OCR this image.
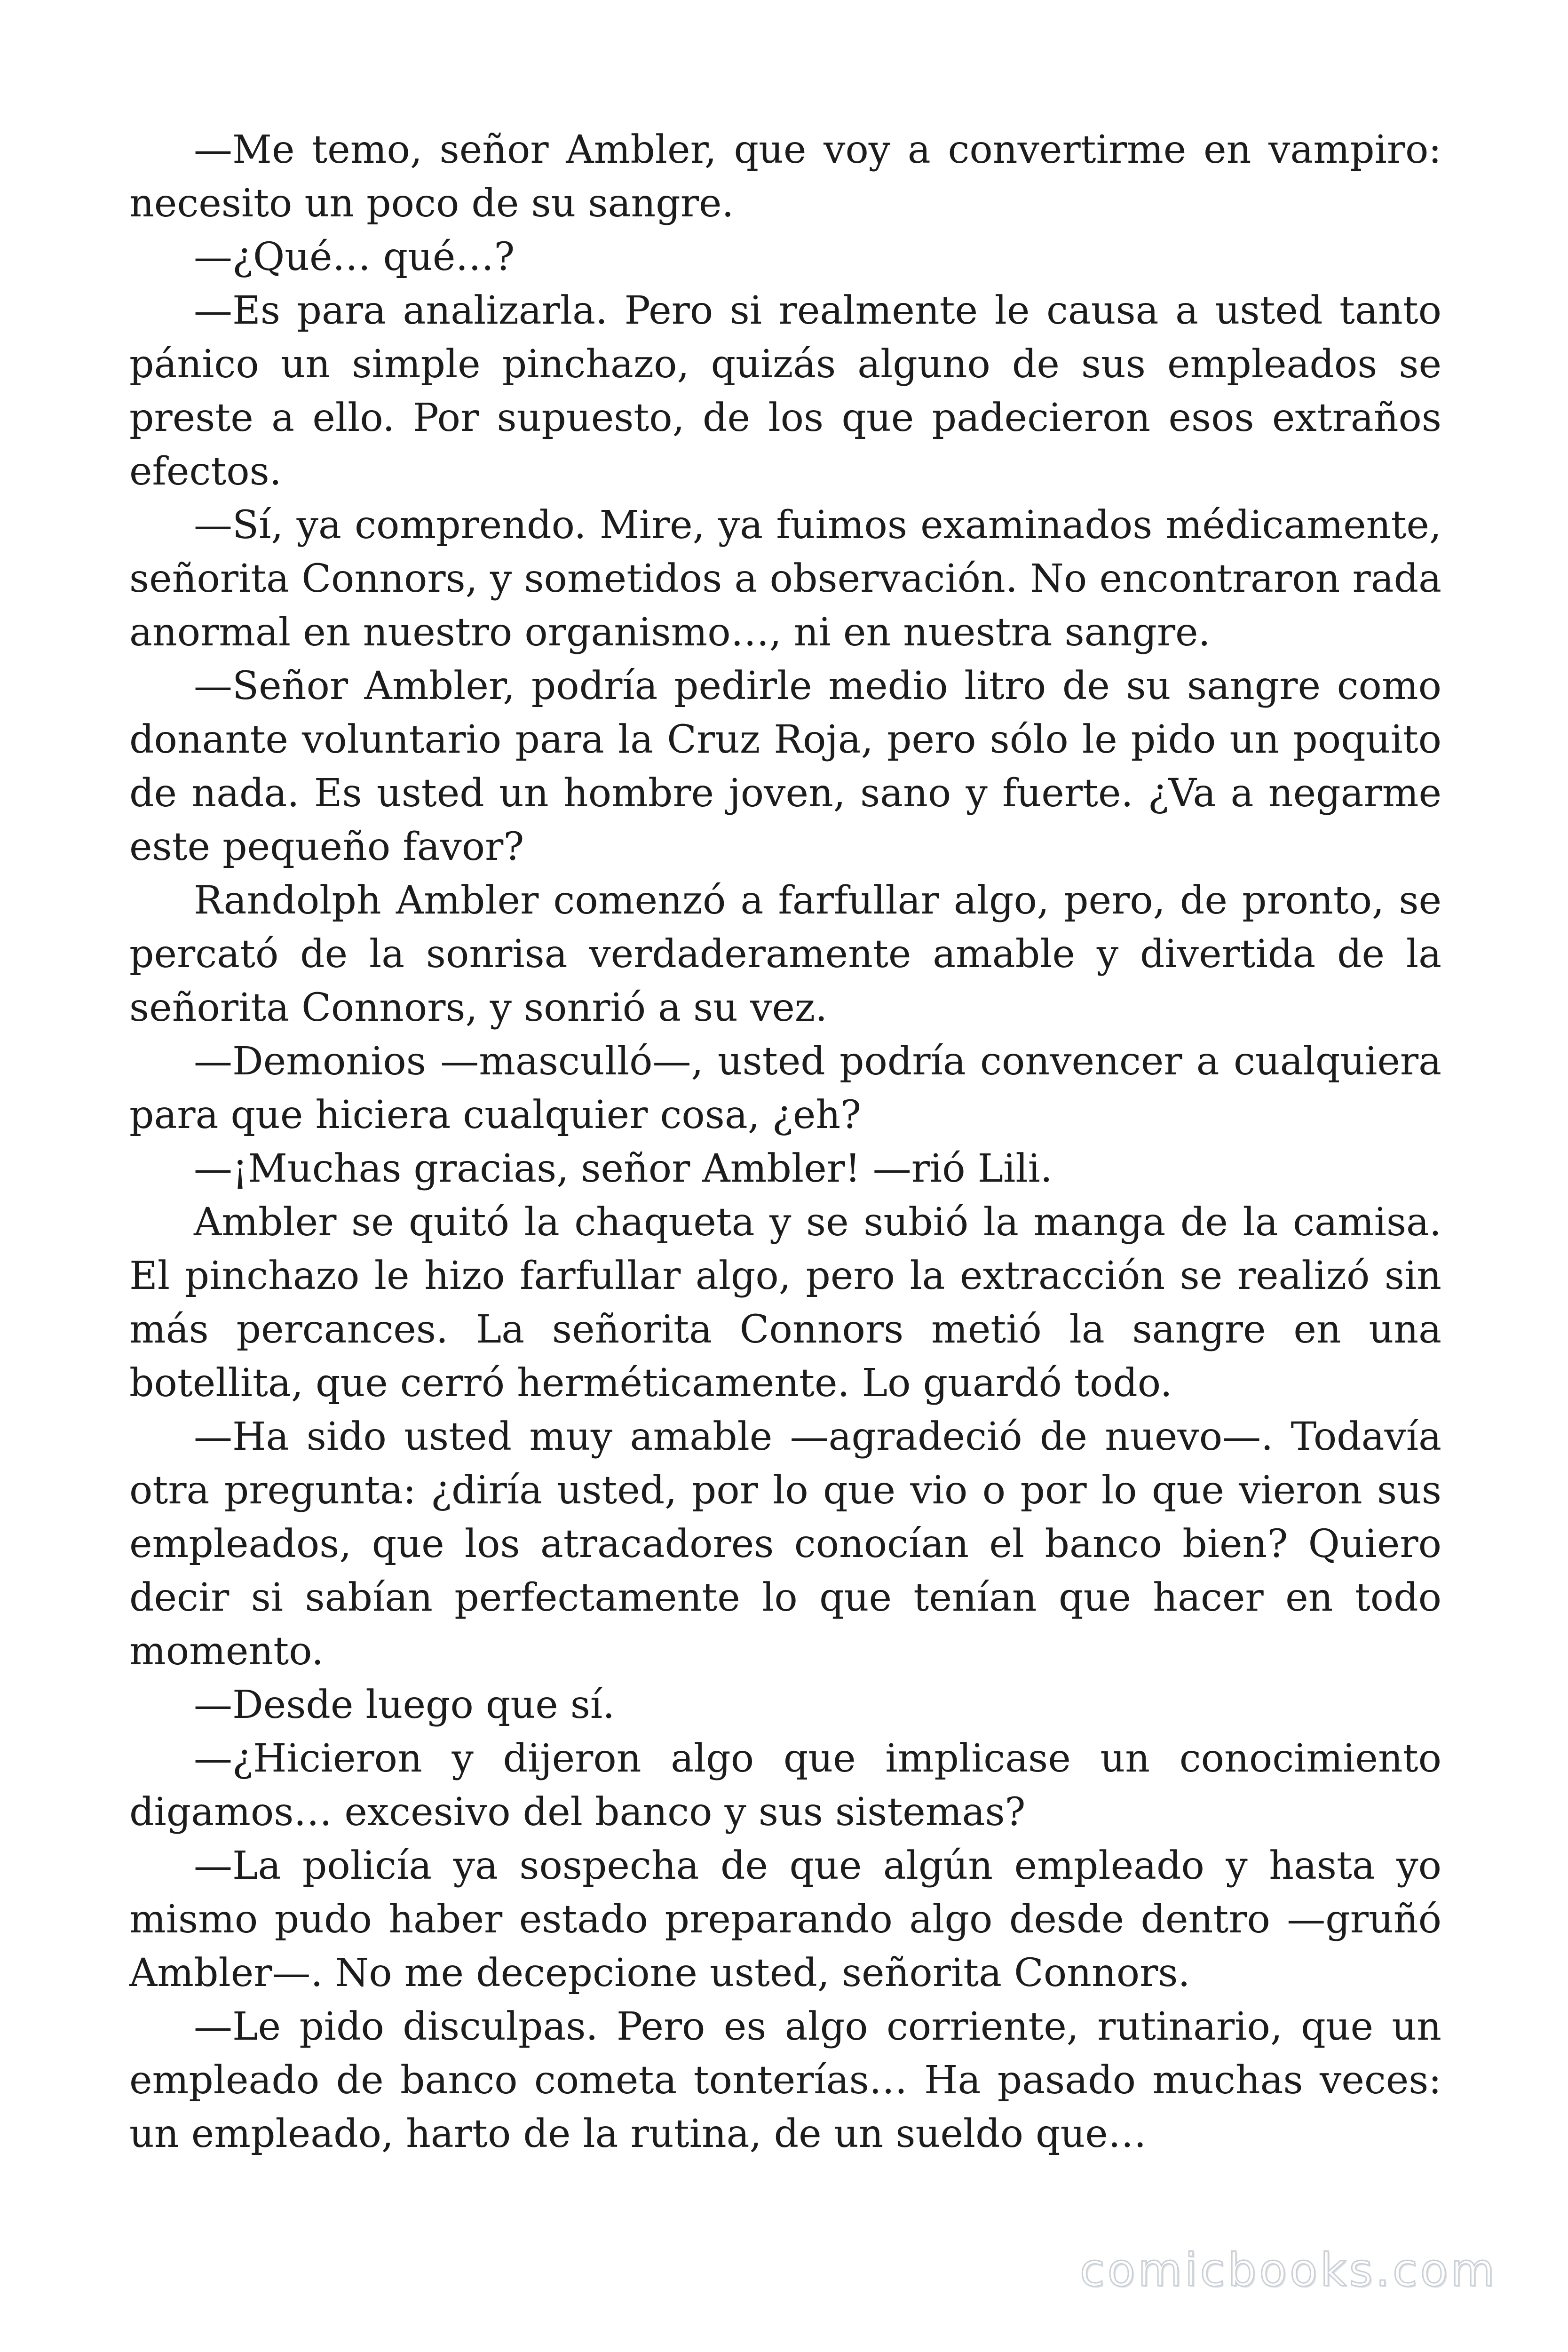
—Me temo, señor Ambler, que voy a convertirme en vampiro: necesito un poco de su sangre.

—¿Qué… qué…?

—Es para analizarla. Pero si realmente le causa a usted tanto pánico un simple pinchazo, quizás alguno de sus empleados se preste a ello. Por supuesto, de los que padecieron esos extraños efectos.

—Sí, ya comprendo. Mire, ya fuimos examinados médicamente, señorita Connors, y sometidos a observación. No encontraron rada anormal en nuestro organismo…, ni en nuestra sangre.

—Señor Ambler, podría pedirle medio litro de su sangre como donante voluntario para la Cruz Roja, pero sólo le pido un poquito de nada. Es usted un hombre joven, sano y fuerte. ¿Va a negarme este pequeño favor?

Randolph Ambler comenzó a farfullar algo, pero, de pronto, se percató de la sonrisa verdaderamente amable y divertida de la señorita Connors, y sonrió a su vez.

—Demonios —masculló—, usted podría convencer a cualquiera para que hiciera cualquier cosa, ¿eh?

—¡Muchas gracias, señor Ambler! —rió Lili.

Ambler se quitó la chaqueta y se subió la manga de la camisa. El pinchazo le hizo farfullar algo, pero la extracción se realizó sin más percances. La señorita Connors metió la sangre en una botellita, que cerró herméticamente. Lo guardó todo.

—Ha sido usted muy amable —agradeció de nuevo—. Todavía otra pregunta: ¿diría usted, por lo que vio o por lo que vieron sus empleados, que los atracadores conocían el banco bien? Quiero decir si sabían perfectamente lo que tenían que hacer en todo momento.

—Desde luego que sí.

—¿Hicieron y dijeron algo que implicase un conocimiento digamos… excesivo del banco y sus sistemas?

—La policía ya sospecha de que algún empleado y hasta yo mismo pudo haber estado preparando algo desde dentro —gruñó Ambler—. No me decepcione usted, señorita Connors.

—Le pido disculpas. Pero es algo corriente, rutinario, que un empleado de banco cometa tonterías… Ha pasado muchas veces: un empleado, harto de la rutina, de un sueldo que…

comicbooks.com
